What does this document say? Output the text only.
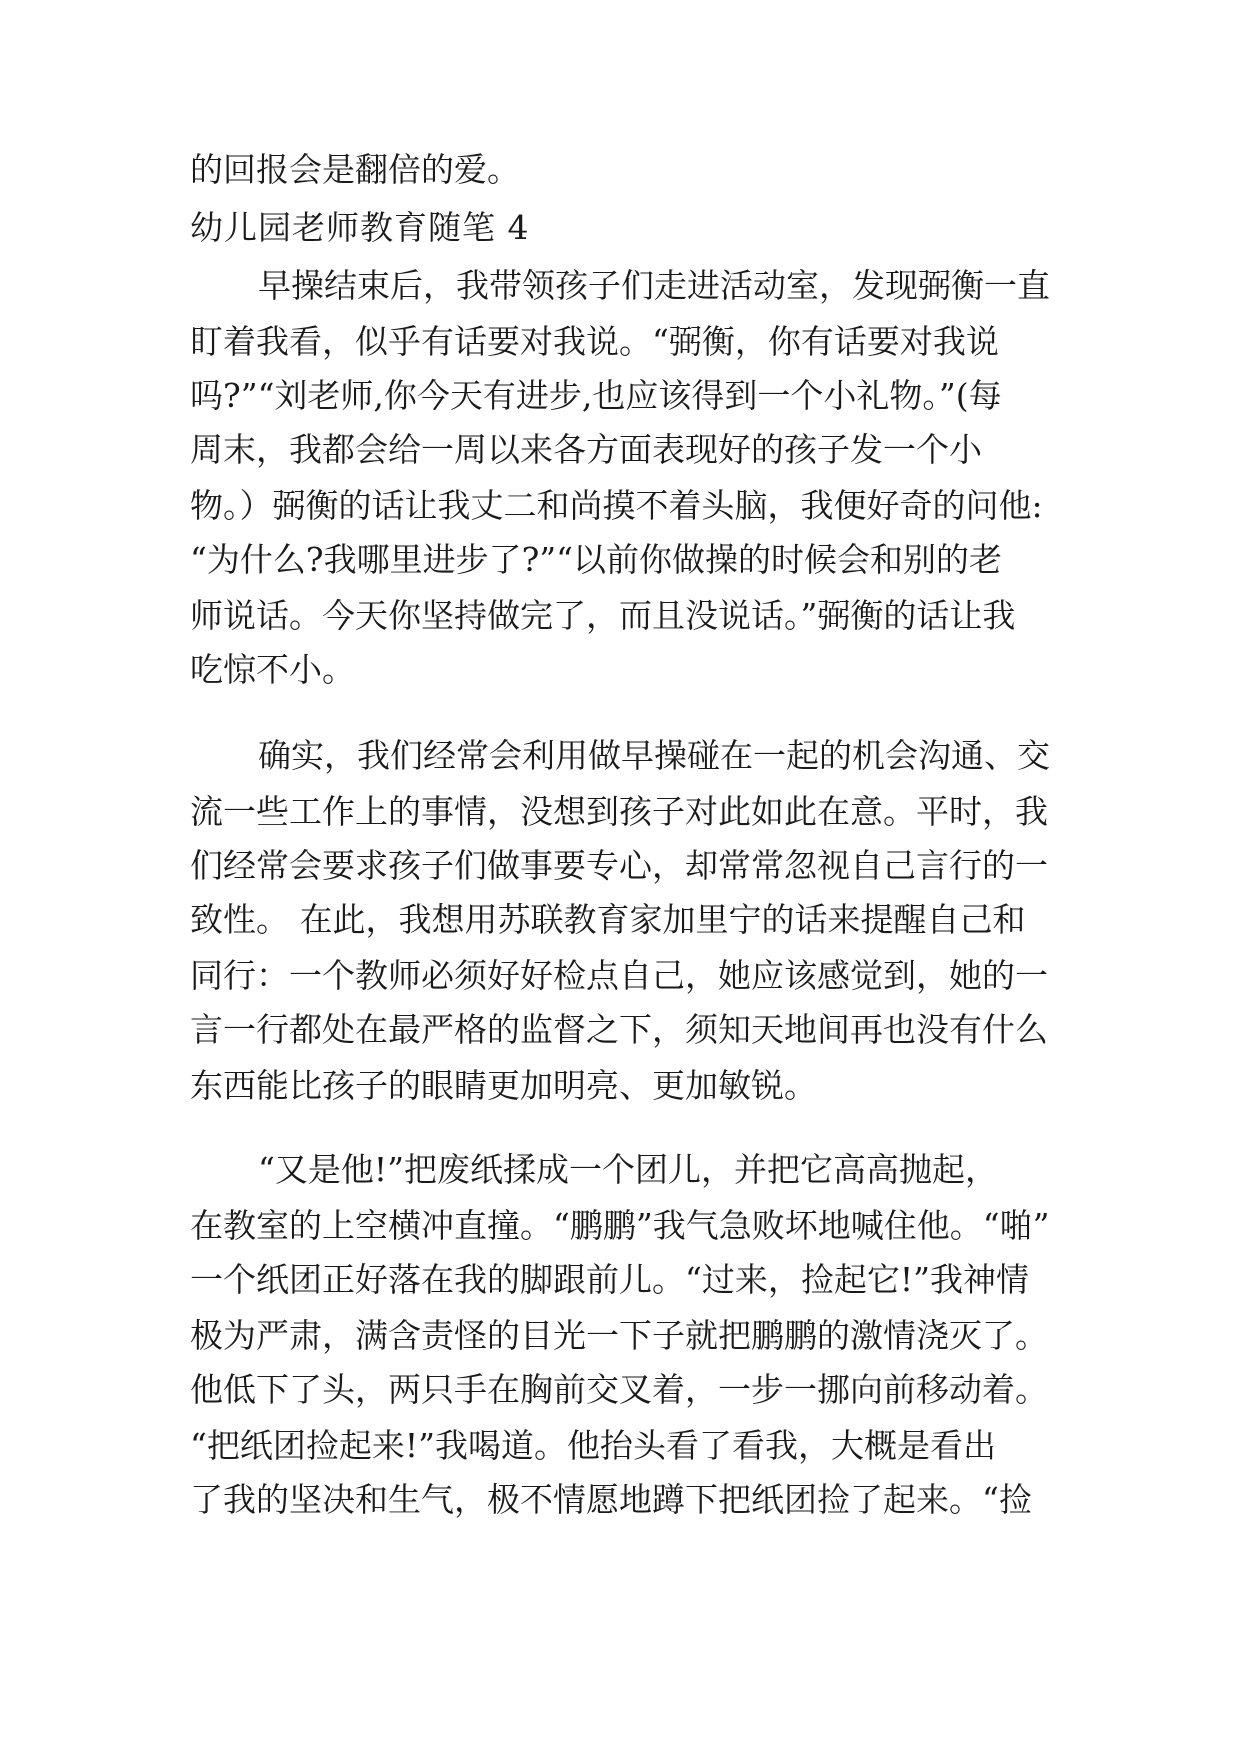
的回报会是翻倍的爱。

幼儿园老师教育随笔 4

早操结束后，我带领孩子们走进活动室，发现弼衡一直

盯着我看，似乎有话要对我说。“弼衡，你有话要对我说

吗?”“刘老师,你今天有进步,也应该得到一个小礼物。”(每

周末，我都会给一周以来各方面表现好的孩子发一个小

物。）弼衡的话让我丈二和尚摸不着头脑，我便好奇的问他:

“为什么?我哪里进步了?”“以前你做操的时候会和别的老

师说话。今天你坚持做完了，而且没说话。”弼衡的话让我

吃惊不小。

确实，我们经常会利用做早操碰在一起的机会沟通、交

流一些工作上的事情，没想到孩子对此如此在意。平时，我

们经常会要求孩子们做事要专心，却常常忽视自己言行的一

致性。 在此，我想用苏联教育家加里宁的话来提醒自己和

同行：一个教师必须好好检点自己，她应该感觉到，她的一

言一行都处在最严格的监督之下，须知天地间再也没有什么

东西能比孩子的眼睛更加明亮、更加敏锐。

“又是他!”把废纸揉成一个团儿，并把它高高抛起，

在教室的上空横冲直撞。“鹏鹏”我气急败坏地喊住他。“啪”

一个纸团正好落在我的脚跟前儿。“过来，捡起它!”我神情

极为严肃，满含责怪的目光一下子就把鹏鹏的激情浇灭了。

他低下了头，两只手在胸前交叉着，一步一挪向前移动着。

“把纸团捡起来!”我喝道。他抬头看了看我，大概是看出

了我的坚决和生气，极不情愿地蹲下把纸团捡了起来。“捡
